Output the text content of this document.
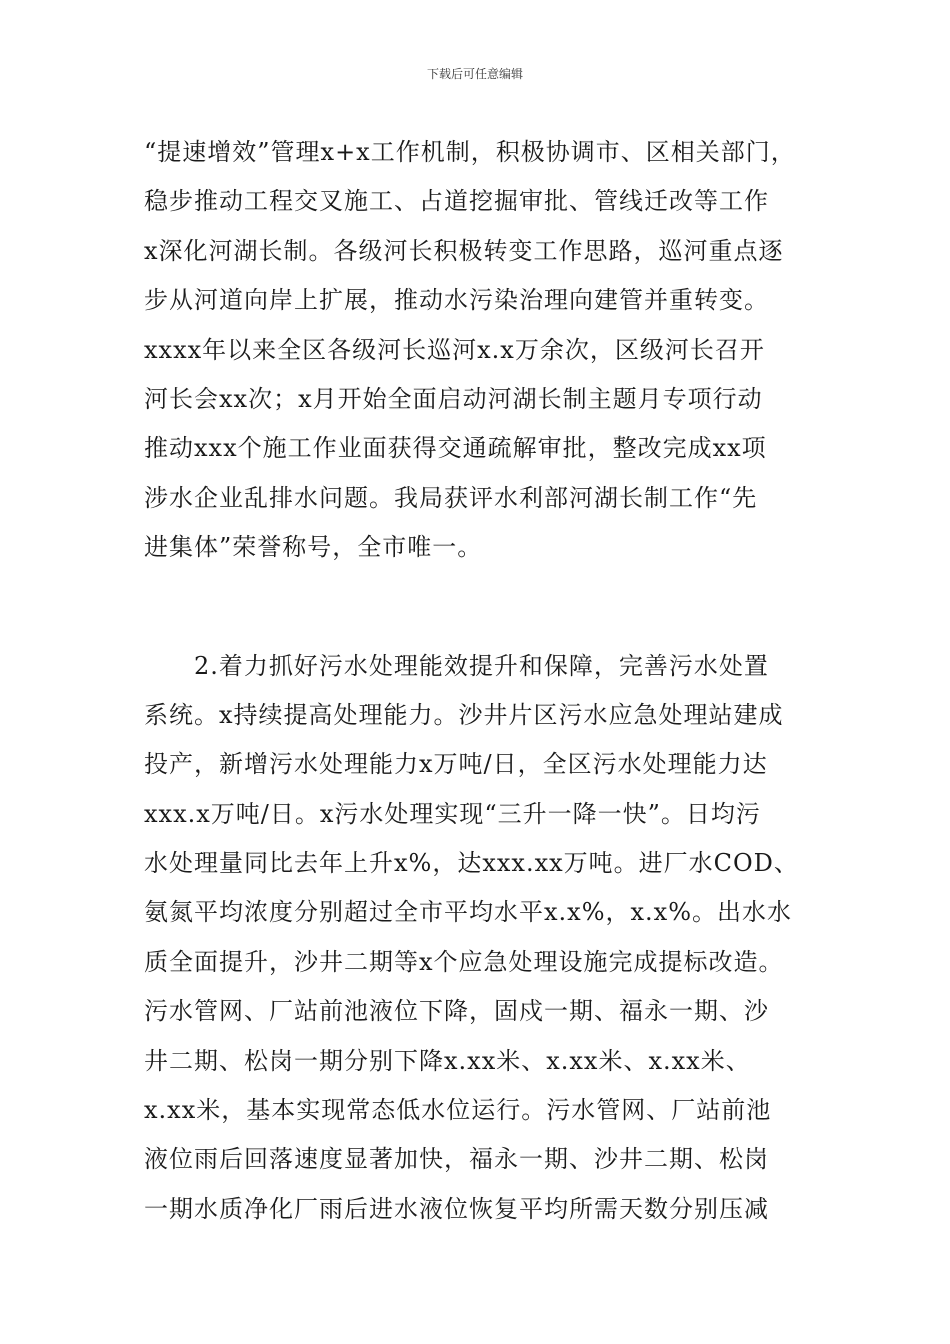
下载后可任意编辑
“提速增效”管理x+x工作机制，积极协调市、区相关部门，
稳步推动工程交叉施工、占道挖掘审批、管线迁改等工作
x深化河湖长制。各级河长积极转变工作思路，巡河重点逐
步从河道向岸上扩展，推动水污染治理向建管并重转变。
xxxx年以来全区各级河长巡河x.x万余次，区级河长召开
河长会xx次；x月开始全面启动河湖长制主题月专项行动
推动xxx个施工作业面获得交通疏解审批，整改完成xx项
涉水企业乱排水问题。我局获评水利部河湖长制工作“先
进集体”荣誉称号，全市唯一。
2.着力抓好污水处理能效提升和保障，完善污水处置
系统。x持续提高处理能力。沙井片区污水应急处理站建成
投产，新增污水处理能力x万吨/日，全区污水处理能力达
xxx.x万吨/日。x污水处理实现“三升一降一快”。日均污
水处理量同比去年上升x%，达xxx.xx万吨。进厂水COD、
氨氮平均浓度分别超过全市平均水平x.x%，x.x%。出水水
质全面提升，沙井二期等x个应急处理设施完成提标改造。
污水管网、厂站前池液位下降，固戍一期、福永一期、沙
井二期、松岗一期分别下降x.xx米、x.xx米、x.xx米、
x.xx米，基本实现常态低水位运行。污水管网、厂站前池
液位雨后回落速度显著加快，福永一期、沙井二期、松岗
一期水质净化厂雨后进水液位恢复平均所需天数分别压减
